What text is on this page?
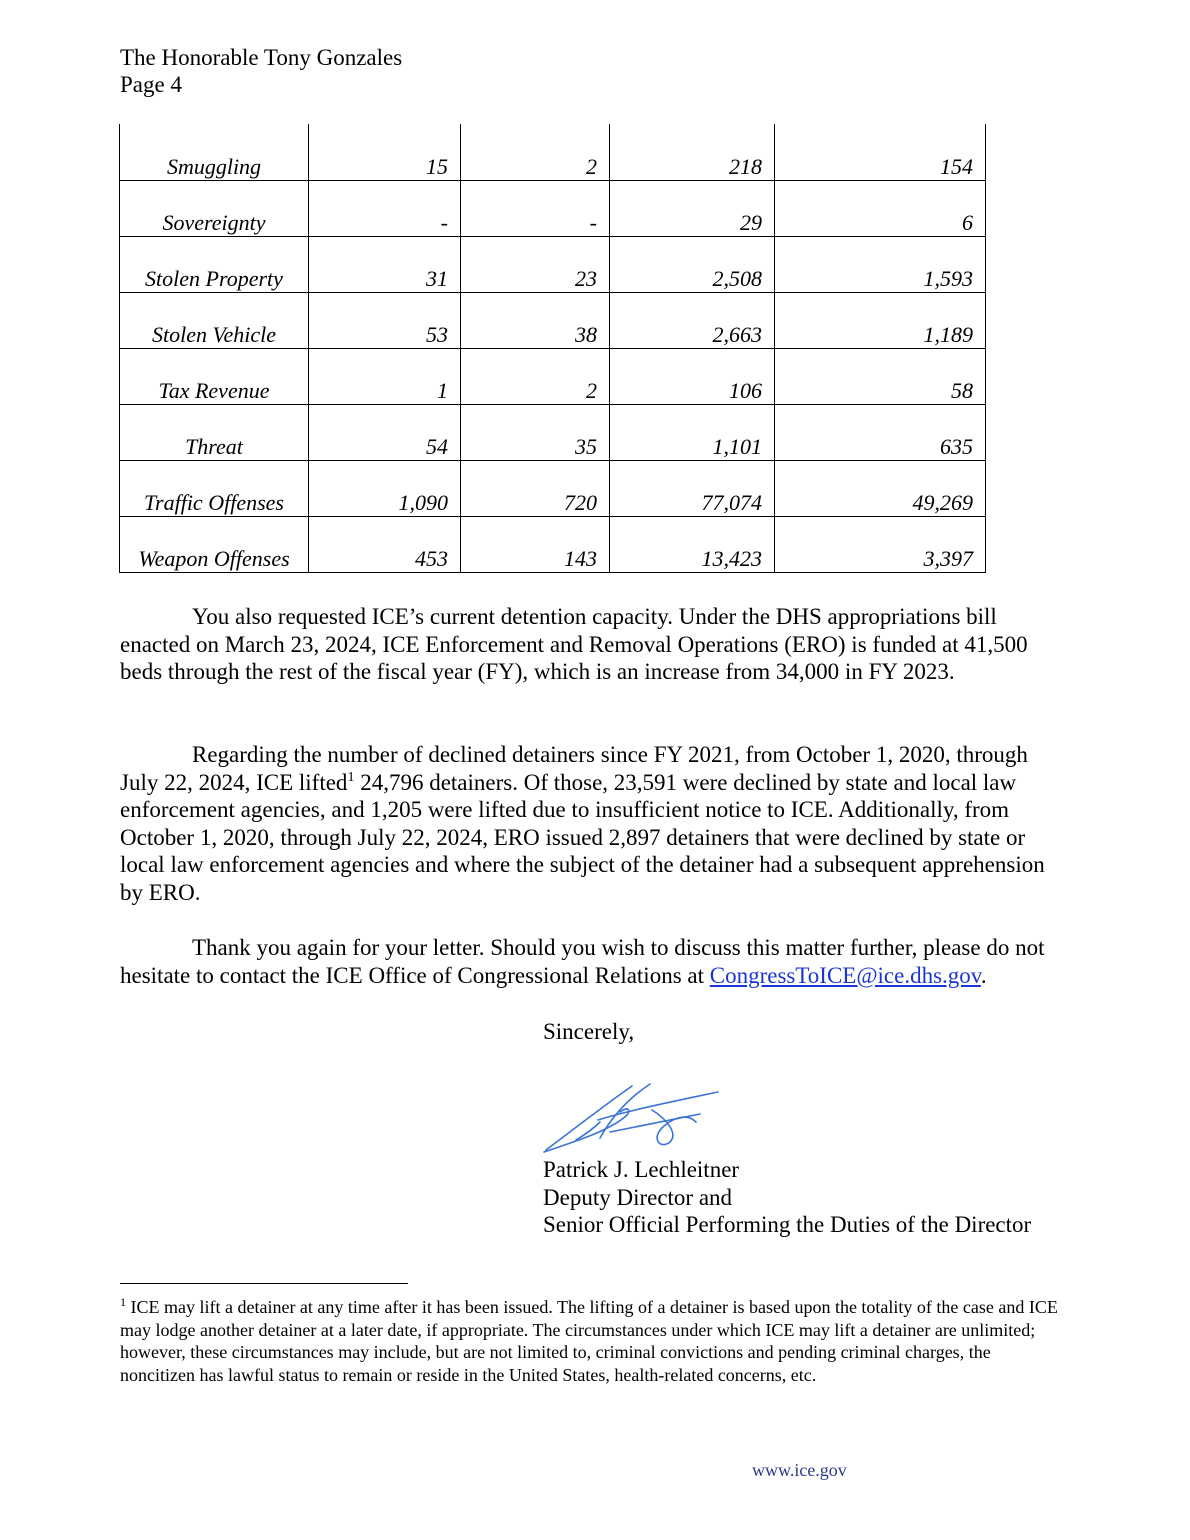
The Honorable Tony Gonzales
Page 4
Smuggling	15	2	218	154
Sovereignty	-	-	29	6
Stolen Property	31	23	2,508	1,593
Stolen Vehicle	53	38	2,663	1,189
Tax Revenue	1	2	106	58
Threat	54	35	1,101	635
Traffic Offenses	1,090	720	77,074	49,269
Weapon Offenses	453	143	13,423	3,397

You also requested ICE’s current detention capacity. Under the DHS appropriations bill enacted on March 23, 2024, ICE Enforcement and Removal Operations (ERO) is funded at 41,500 beds through the rest of the fiscal year (FY), which is an increase from 34,000 in FY 2023.

Regarding the number of declined detainers since FY 2021, from October 1, 2020, through July 22, 2024, ICE lifted$^1$ 24,796 detainers. Of those, 23,591 were declined by state and local law enforcement agencies, and 1,205 were lifted due to insufficient notice to ICE. Additionally, from October 1, 2020, through July 22, 2024, ERO issued 2,897 detainers that were declined by state or local law enforcement agencies and where the subject of the detainer had a subsequent apprehension by ERO.

Thank you again for your letter. Should you wish to discuss this matter further, please do not hesitate to contact the ICE Office of Congressional Relations at CongressToICE@ice.dhs.gov.

Sincerely,
Patrick J. Lechleitner
Deputy Director and
Senior Official Performing the Duties of the Director

$^1$ ICE may lift a detainer at any time after it has been issued. The lifting of a detainer is based upon the totality of the case and ICE may lodge another detainer at a later date, if appropriate. The circumstances under which ICE may lift a detainer are unlimited; however, these circumstances may include, but are not limited to, criminal convictions and pending criminal charges, the noncitizen has lawful status to remain or reside in the United States, health-related concerns, etc.

www.ice.gov
